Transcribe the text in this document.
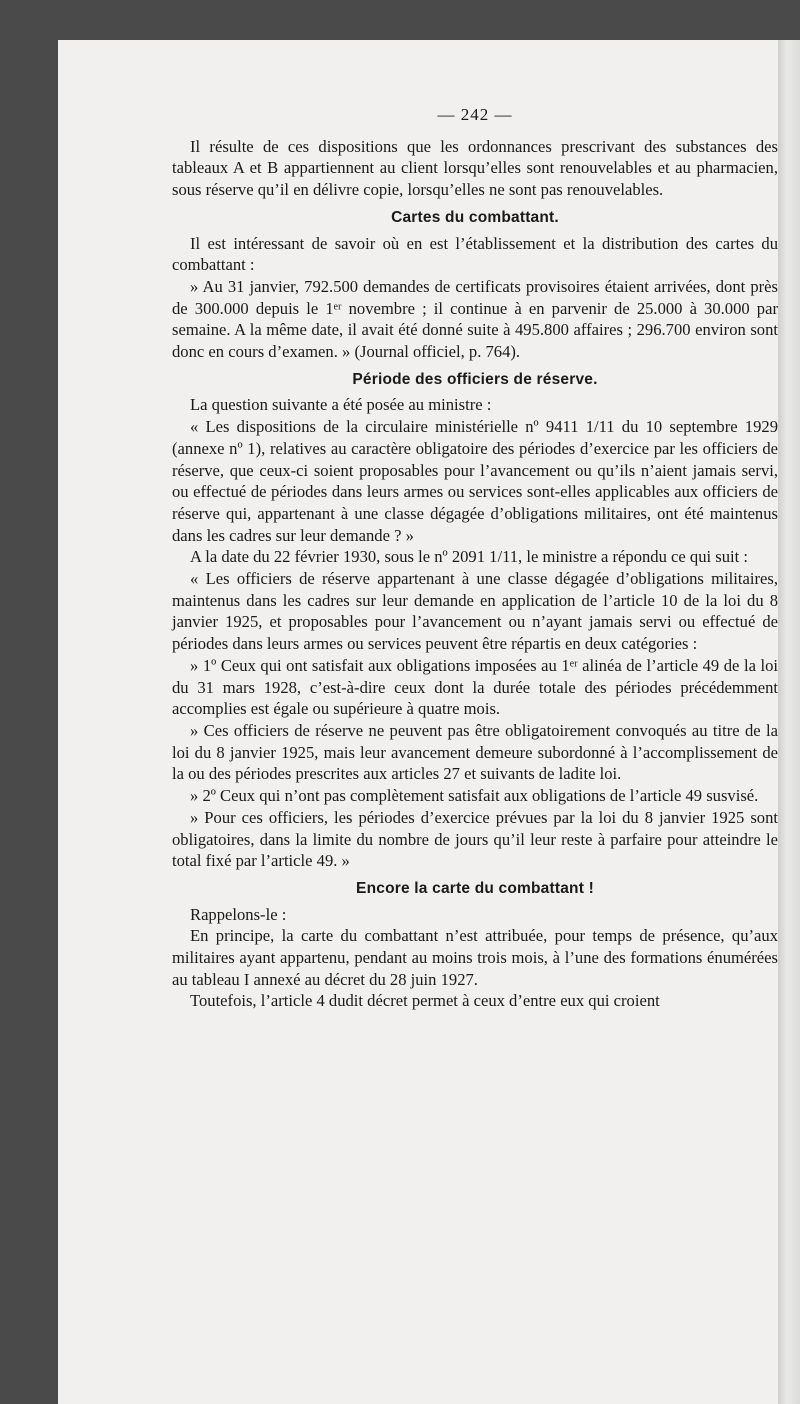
— 242 —

Il résulte de ces dispositions que les ordonnances prescrivant des substances des tableaux A et B appartiennent au client lorsqu’elles sont renouvelables et au pharmacien, sous réserve qu’il en délivre copie, lorsqu’elles ne sont pas renouvelables.

Cartes du combattant.

Il est intéressant de savoir où en est l’établissement et la distribution des cartes du combattant :

» Au 31 janvier, 792.500 demandes de certificats provisoires étaient arrivées, dont près de 300.000 depuis le 1ᵉʳ novembre ; il continue à en parvenir de 25.000 à 30.000 par semaine. A la même date, il avait été donné suite à 495.800 affaires ; 296.700 environ sont donc en cours d’examen. » (Journal officiel, p. 764).

Période des officiers de réserve.

La question suivante a été posée au ministre :

« Les dispositions de la circulaire ministérielle nº 9411 1/11 du 10 septembre 1929 (annexe nº 1), relatives au caractère obligatoire des périodes d’exercice par les officiers de réserve, que ceux-ci soient proposables pour l’avancement ou qu’ils n’aient jamais servi, ou effectué de périodes dans leurs armes ou services sont-elles applicables aux officiers de réserve qui, appartenant à une classe dégagée d’obligations militaires, ont été maintenus dans les cadres sur leur demande ? »

A la date du 22 février 1930, sous le nº 2091 1/11, le ministre a répondu ce qui suit :

« Les officiers de réserve appartenant à une classe dégagée d’obligations militaires, maintenus dans les cadres sur leur demande en application de l’article 10 de la loi du 8 janvier 1925, et proposables pour l’avancement ou n’ayant jamais servi ou effectué de périodes dans leurs armes ou services peuvent être répartis en deux catégories :

» 1º Ceux qui ont satisfait aux obligations imposées au 1ᵉʳ alinéa de l’article 49 de la loi du 31 mars 1928, c’est-à-dire ceux dont la durée totale des périodes précédemment accomplies est égale ou supérieure à quatre mois.

» Ces officiers de réserve ne peuvent pas être obligatoirement convoqués au titre de la loi du 8 janvier 1925, mais leur avancement demeure subordonné à l’accomplissement de la ou des périodes prescrites aux articles 27 et suivants de ladite loi.

» 2º Ceux qui n’ont pas complètement satisfait aux obligations de l’article 49 susvisé.

» Pour ces officiers, les périodes d’exercice prévues par la loi du 8 janvier 1925 sont obligatoires, dans la limite du nombre de jours qu’il leur reste à parfaire pour atteindre le total fixé par l’article 49. »

Encore la carte du combattant !

Rappelons-le :

En principe, la carte du combattant n’est attribuée, pour temps de présence, qu’aux militaires ayant appartenu, pendant au moins trois mois, à l’une des formations énumérées au tableau I annexé au décret du 28 juin 1927.

Toutefois, l’article 4 dudit décret permet à ceux d’entre eux qui croient
